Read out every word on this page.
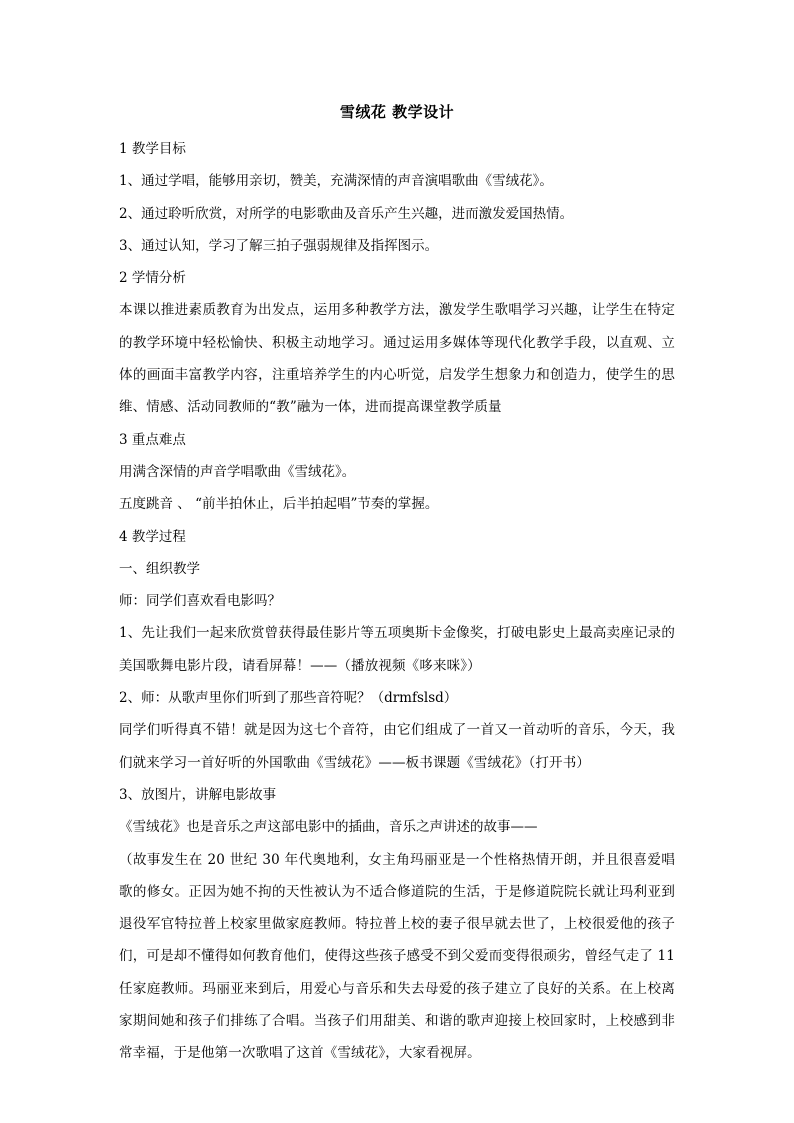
雪绒花 教学设计
1 教学目标
1、通过学唱，能够用亲切，赞美，充满深情的声音演唱歌曲《雪绒花》。
2、通过聆听欣赏，对所学的电影歌曲及音乐产生兴趣，进而激发爱国热情。
3、通过认知，学习了解三拍子强弱规律及指挥图示。
2 学情分析
本课以推进素质教育为出发点，运用多种教学方法，激发学生歌唱学习兴趣，让学生在特定的教学环境中轻松愉快、积极主动地学习。通过运用多媒体等现代化教学手段，以直观、立体的画面丰富教学内容，注重培养学生的内心听觉，启发学生想象力和创造力，使学生的思维、情感、活动同教师的“教”融为一体，进而提高课堂教学质量
3 重点难点
用满含深情的声音学唱歌曲《雪绒花》。
五度跳音 、 “前半拍休止，后半拍起唱”节奏的掌握。
4 教学过程
一、组织教学
师：同学们喜欢看电影吗？
1、先让我们一起来欣赏曾获得最佳影片等五项奥斯卡金像奖，打破电影史上最高卖座记录的美国歌舞电影片段，请看屏幕！——（播放视频《哆来咪》）
2、师：从歌声里你们听到了那些音符呢？（drmfslsd）
同学们听得真不错！就是因为这七个音符，由它们组成了一首又一首动听的音乐，今天，我们就来学习一首好听的外国歌曲《雪绒花》——板书课题《雪绒花》（打开书）
3、放图片，讲解电影故事
《雪绒花》也是音乐之声这部电影中的插曲，音乐之声讲述的故事——
（故事发生在 20 世纪 30 年代奥地利，女主角玛丽亚是一个性格热情开朗，并且很喜爱唱歌的修女。正因为她不拘的天性被认为不适合修道院的生活，于是修道院院长就让玛利亚到退役军官特拉普上校家里做家庭教师。特拉普上校的妻子很早就去世了，上校很爱他的孩子们，可是却不懂得如何教育他们，使得这些孩子感受不到父爱而变得很顽劣，曾经气走了 11 任家庭教师。玛丽亚来到后，用爱心与音乐和失去母爱的孩子建立了良好的关系。在上校离家期间她和孩子们排练了合唱。当孩子们用甜美、和谐的歌声迎接上校回家时，上校感到非常幸福，于是他第一次歌唱了这首《雪绒花》，大家看视屏。
